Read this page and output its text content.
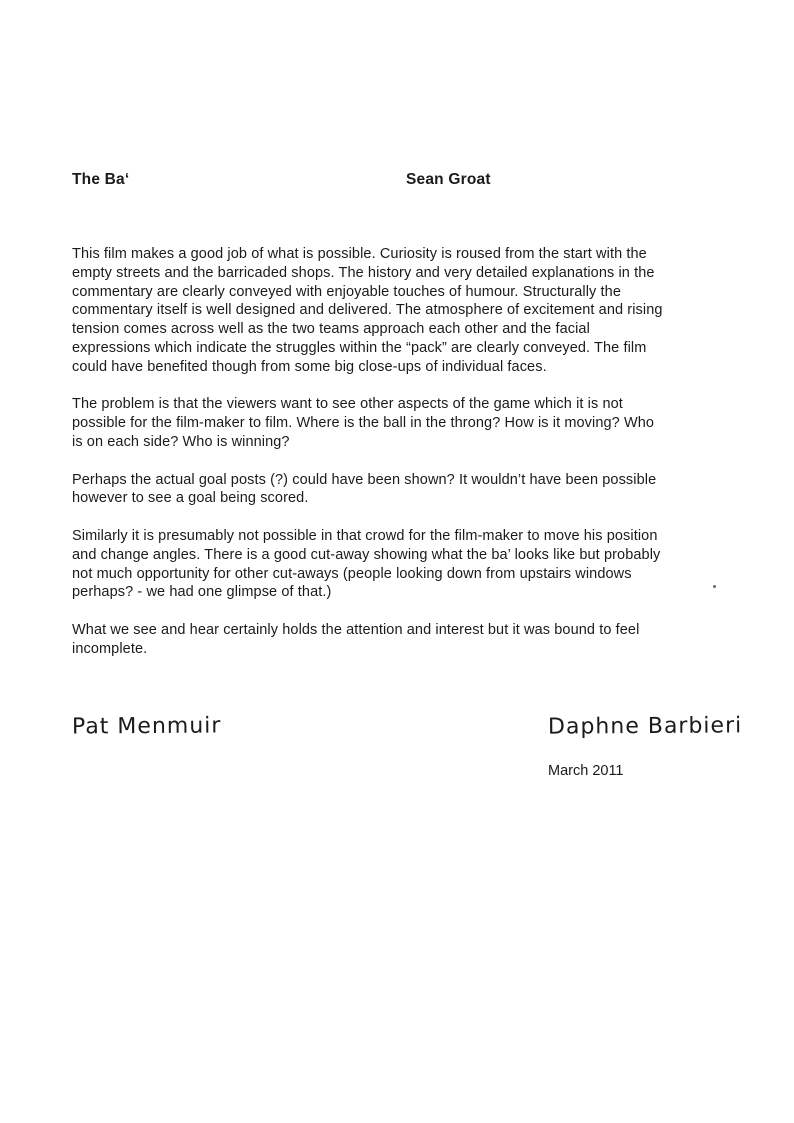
The Ba‘	Sean Groat
This film makes a good job of what is possible. Curiosity is roused from the start with the
empty streets and the barricaded shops. The history and very detailed explanations in the
commentary are clearly conveyed with enjoyable touches of humour. Structurally the
commentary itself is well designed and delivered. The atmosphere of excitement and rising
tension comes across well as the two teams approach each other and the facial
expressions which indicate the struggles within the “pack” are clearly conveyed. The film
could have benefited though from some big close-ups of individual faces.
The problem is that the viewers want to see other aspects of the game which it is not
possible for the film-maker to film. Where is the ball in the throng? How is it moving? Who
is on each side? Who is winning?
Perhaps the actual goal posts (?) could have been shown? It wouldn’t have been possible
however to see a goal being scored.
Similarly it is presumably not possible in that crowd for the film-maker to move his position
and change angles. There is a good cut-away showing what the ba’ looks like but probably
not much opportunity for other cut-aways (people looking down from upstairs windows
perhaps? - we had one glimpse of that.)
What we see and hear certainly holds the attention and interest but it was bound to feel
incomplete.
Pat Menmuir	Daphne Barbieri
March 2011
